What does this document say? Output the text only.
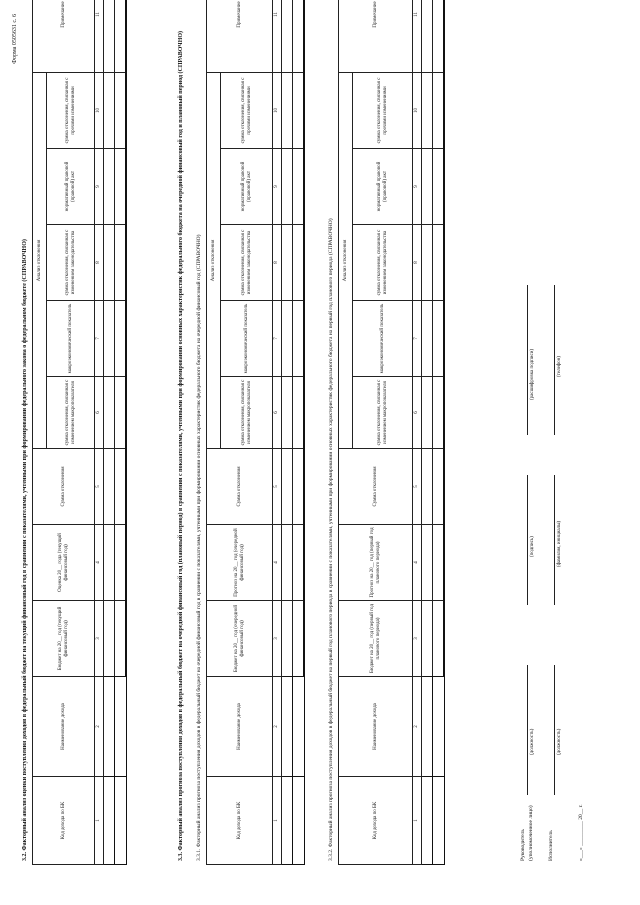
Форма 0505631 с. 6
3.2. Факторный анализ оценки поступления доходов в федеральный бюджет на текущий финансовый год в сравнении с показателями, учтенными при формировании федерального закона о федеральном бюджете (СПРАВОЧНО)	Код дохода по БК	Наименование дохода	Бюджет на 20__ год (текущий финансовый год)	Оценка 20__ года (текущий финансовый год)	Сумма отклонения	Анализ отклонения					Примечание
					сумма отклонения, связанная с изменением макропоказателя	макроэкономический показатель	сумма отклонения, связанная с изменением законодательства	нормативный правовой (правовой) акт	сумма отклонения, связанная с прочими изменениями	
1	2	3	4	5	6	7	8	9	10	11

3.3. Факторный анализ прогноза поступления доходов в федеральный бюджет на очередной финансовый год (плановый период) в сравнении с показателями, учтенными при формировании основных характеристик федерального бюджета на очередной финансовый год и плановый период (СПРАВОЧНО) 3.3.1. Факторный анализ прогноза поступления доходов в федеральный бюджет на очередной финансовый год в сравнении с показателями, учтенными при формировании основных характеристик федерального бюджета на очередной финансовый год (СПРАВОЧНО)	Код дохода по БК	Наименование дохода	Бюджет на 20__ год (очередной финансовый год)	Прогноз на 20__ год (очередной финансовый год)	Сумма отклонения	Анализ отклонения					Примечание
					сумма отклонения, связанная с изменением макропоказателя	макроэкономический показатель	сумма отклонения, связанная с изменением законодательства	нормативный правовой (правовой) акт	сумма отклонения, связанная с прочими изменениями	
1	2	3	4	5	6	7	8	9	10	11

3.3.2. Факторный анализ прогноза поступления доходов в федеральный бюджет на первый год планового периода в сравнении с показателями, учтенными при формировании основных характеристик федерального бюджета на первый год планового периода (СПРАВОЧНО)	Код дохода по БК	Наименование дохода	Бюджет на 20__ год (первый год планового периода)	Прогноз на 20__ год (первый год планового периода)	Сумма отклонения	Анализ отклонения					Примечание
					сумма отклонения, связанная с изменением макропоказателя	макроэкономический показатель	сумма отклонения, связанная с изменением законодательства	нормативный правовой (правовой) акт	сумма отклонения, связанная с прочими изменениями	
1	2	3	4	5	6	7	8	9	10	11

Руководитель (уполномоченное лицо)
(должность)
(подпись)
(расшифровка подписи)
Исполнитель
(должность)
(фамилия, инициалы)
(телефон)
«___» _________ 20__ г.
